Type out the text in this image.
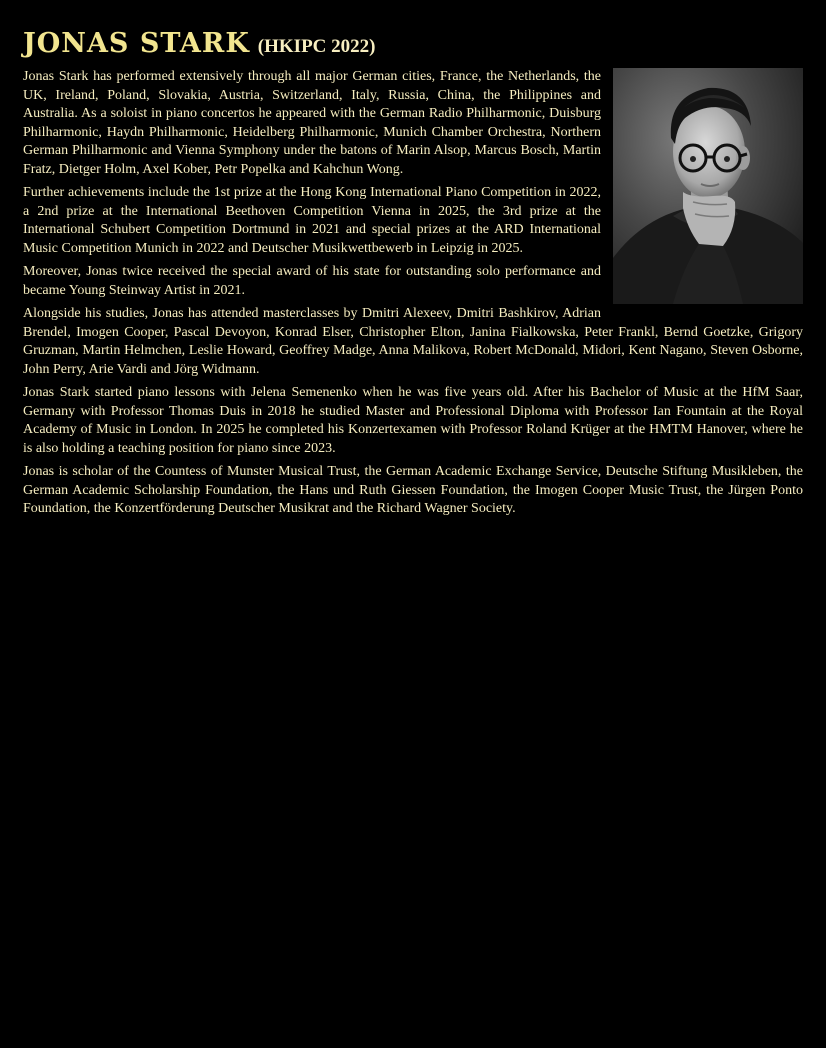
JONAS STARK (HKIPC 2022)

Jonas Stark has performed extensively through all major German cities, France, the Netherlands, the UK, Ireland, Poland, Slovakia, Austria, Switzerland, Italy, Russia, China, the Philippines and Australia. As a soloist in piano concertos he appeared with the German Radio Philharmonic, Duisburg Philharmonic, Haydn Philharmonic, Heidelberg Philharmonic, Munich Chamber Orchestra, Northern German Philharmonic and Vienna Symphony under the batons of Marin Alsop, Marcus Bosch, Martin Fratz, Dietger Holm, Axel Kober, Petr Popelka and Kahchun Wong.

Further achievements include the 1st prize at the Hong Kong International Piano Competition in 2022, a 2nd prize at the International Beethoven Competition Vienna in 2025, the 3rd prize at the International Schubert Competition Dortmund in 2021 and special prizes at the ARD International Music Competition Munich in 2022 and Deutscher Musikwettbewerb in Leipzig in 2025.

Moreover, Jonas twice received the special award of his state for outstanding solo performance and became Young Steinway Artist in 2021.

Alongside his studies, Jonas has attended masterclasses by Dmitri Alexeev, Dmitri Bashkirov, Adrian Brendel, Imogen Cooper, Pascal Devoyon, Konrad Elser, Christopher Elton, Janina Fialkowska, Peter Frankl, Bernd Goetzke, Grigory Gruzman, Martin Helmchen, Leslie Howard, Geoffrey Madge, Anna Malikova, Robert McDonald, Midori, Kent Nagano, Steven Osborne, John Perry, Arie Vardi and Jörg Widmann.

Jonas Stark started piano lessons with Jelena Semenenko when he was five years old. After his Bachelor of Music at the HfM Saar, Germany with Professor Thomas Duis in 2018 he studied Master and Professional Diploma with Professor Ian Fountain at the Royal Academy of Music in London. In 2025 he completed his Konzertexamen with Professor Roland Krüger at the HMTM Hanover, where he is also holding a teaching position for piano since 2023.

Jonas is scholar of the Countess of Munster Musical Trust, the German Academic Exchange Service, Deutsche Stiftung Musikleben, the German Academic Scholarship Foundation, the Hans und Ruth Giessen Foundation, the Imogen Cooper Music Trust, the Jürgen Ponto Foundation, the Konzertförderung Deutscher Musikrat and the Richard Wagner Society.
